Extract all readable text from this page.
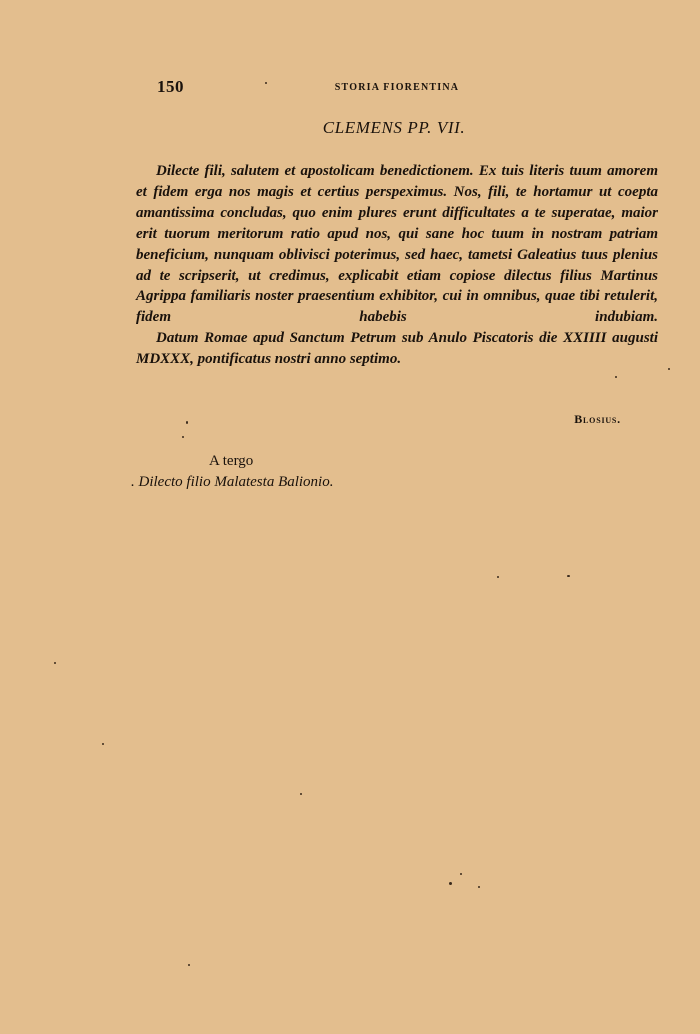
150	STORIA FIORENTINA
CLEMENS PP. VII.

Dilecte fili, salutem et apostolicam benedictionem. Ex tuis literis tuum amorem et fidem erga nos magis et certius perspeximus. Nos, fili, te hortamur ut coepta amantissima concludas, quo enim plures erunt difficultates a te superatae, maior erit tuorum meritorum ratio apud nos, qui sane hoc tuum in nostram patriam beneficium, nunquam oblivisci poterimus, sed haec, tametsi Galeatius tuus plenius ad te scripserit, ut credimus, explicabit etiam copiose dilectus filius Martinus Agrippa familiaris noster praesentium exhibitor, cui in omnibus, quae tibi retulerit, fidem habebis indubiam.

Datum Romae apud Sanctum Petrum sub Anulo Piscatoris die XXIIII augusti MDXXX, pontificatus nostri anno septimo.

Blosius.
A tergo
. Dilecto filio Malatesta Balionio.
